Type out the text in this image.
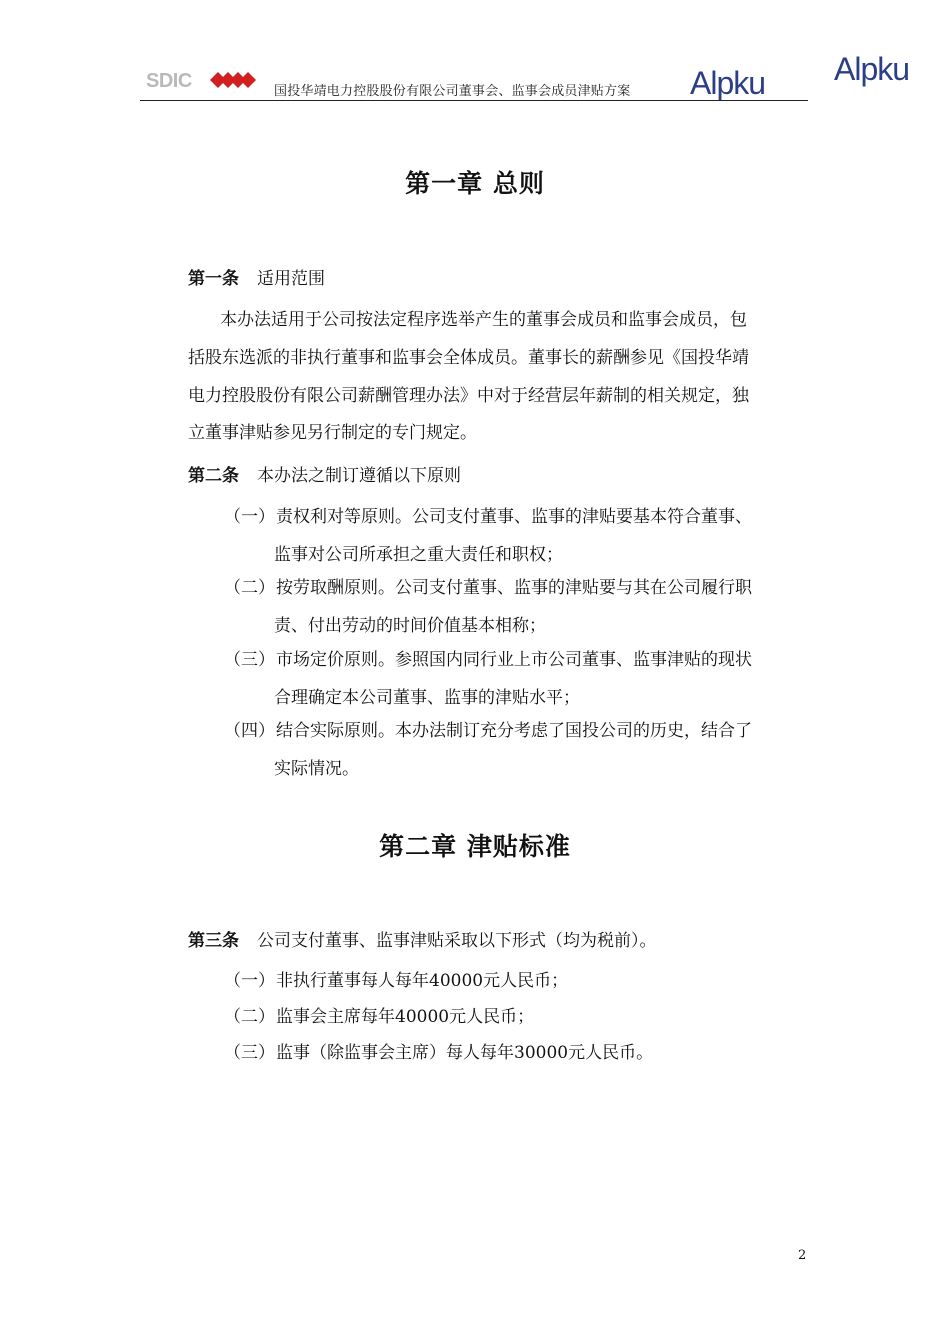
SDIC	国投华靖电力控股股份有限公司董事会、监事会成员津贴方案 Alpku Alpku
第一章 总则
第一条 适用范围
本办法适用于公司按法定程序选举产生的董事会成员和监事会成员，包
括股东选派的非执行董事和监事会全体成员。董事长的薪酬参见《国投华靖
电力控股股份有限公司薪酬管理办法》中对于经营层年薪制的相关规定，独
立董事津贴参见另行制定的专门规定。
第二条 本办法之制订遵循以下原则
（一）责权利对等原则。公司支付董事、监事的津贴要基本符合董事、
监事对公司所承担之重大责任和职权；
（二）按劳取酬原则。公司支付董事、监事的津贴要与其在公司履行职
责、付出劳动的时间价值基本相称；
（三）市场定价原则。参照国内同行业上市公司董事、监事津贴的现状
合理确定本公司董事、监事的津贴水平；
（四）结合实际原则。本办法制订充分考虑了国投公司的历史，结合了
实际情况。
第二章 津贴标准
第三条 公司支付董事、监事津贴采取以下形式（均为税前）。
（一）非执行董事每人每年40000元人民币；
（二）监事会主席每年40000元人民币；
（三）监事（除监事会主席）每人每年30000元人民币。
2
